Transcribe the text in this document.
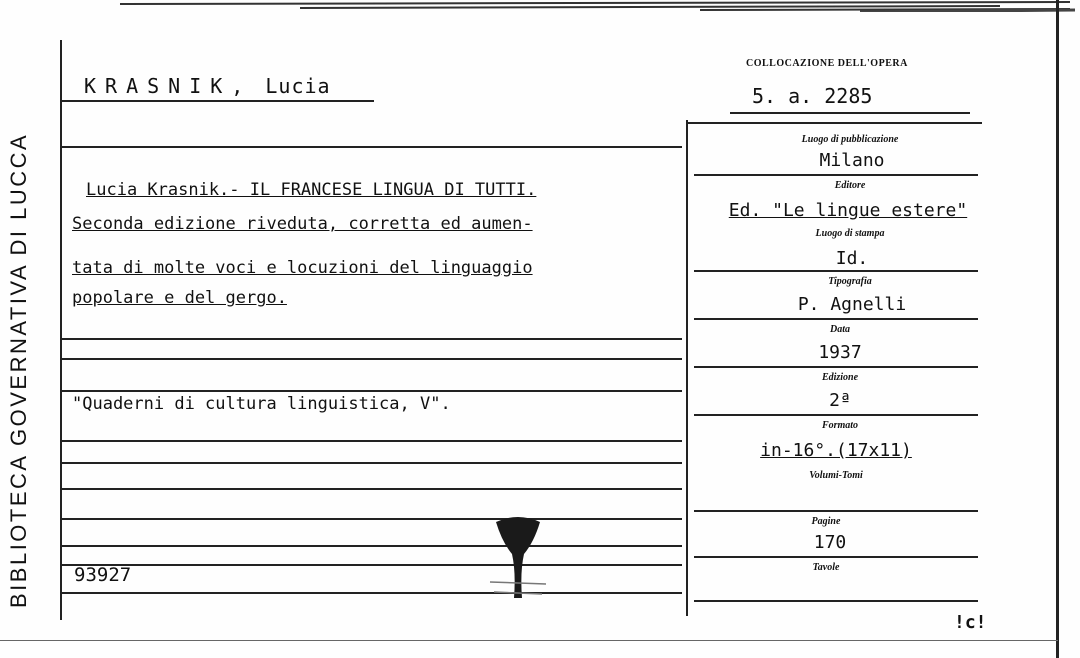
BIBLIOTECA GOVERNATIVA DI LUCCA
KRASNIK, Lucia
COLLOCAZIONE DELL'OPERA
5. a. 2285
Lucia Krasnik.- IL FRANCESE LINGUA DI TUTTI.
Seconda edizione riveduta, corretta ed aumen-
tata di molte voci e locuzioni del linguaggio
popolare e del gergo.
"Quaderni di cultura linguistica, V".
93927
Luogo di pubblicazione
Milano
Editore
Ed. "Le lingue estere"
Luogo di stampa
Id.
Tipografia
P. Agnelli
Data
1937
Edizione
2ª
Formato
in-16°.(17x11)
Volumi-Tomi
Pagine
170
Tavole
!c!
